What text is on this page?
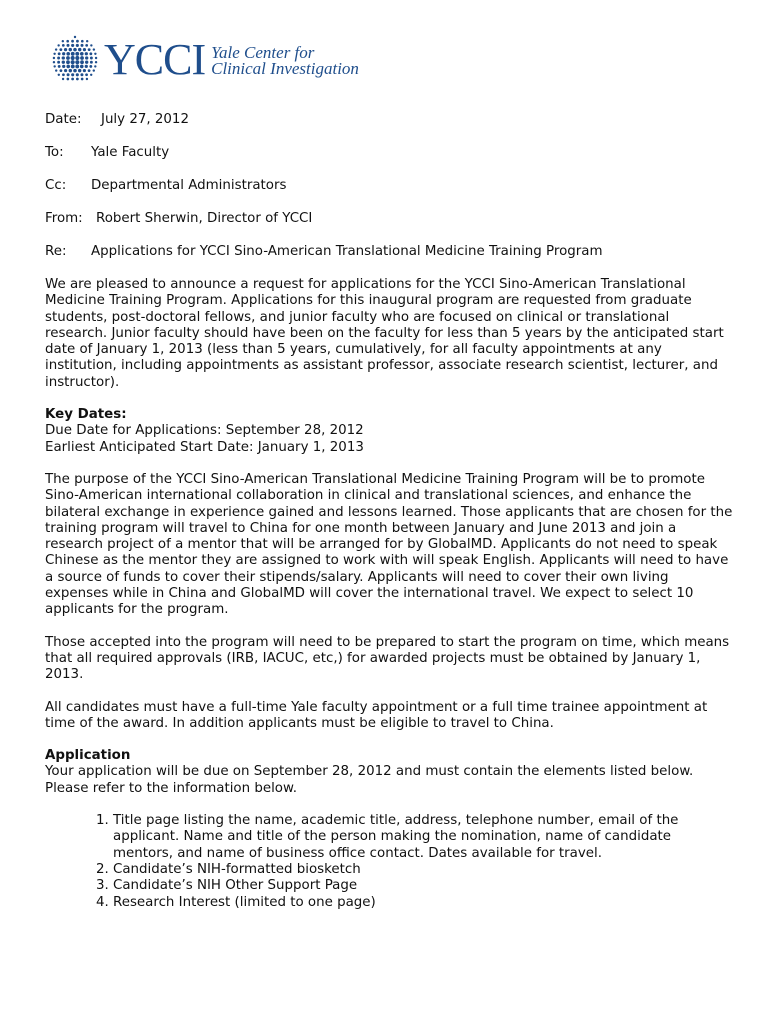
YCCI Yale Center for
Clinical Investigation
Date: July 27, 2012
To: Yale Faculty
Cc: Departmental Administrators
From: Robert Sherwin, Director of YCCI
Re: Applications for YCCI Sino-American Translational Medicine Training Program

We are pleased to announce a request for applications for the YCCI Sino-American Translational Medicine Training Program. Applications for this inaugural program are requested from graduate students, post-doctoral fellows, and junior faculty who are focused on clinical or translational research. Junior faculty should have been on the faculty for less than 5 years by the anticipated start date of January 1, 2013 (less than 5 years, cumulatively, for all faculty appointments at any institution, including appointments as assistant professor, associate research scientist, lecturer, and instructor).

Key Dates:
Due Date for Applications: September 28, 2012
Earliest Anticipated Start Date: January 1, 2013

The purpose of the YCCI Sino-American Translational Medicine Training Program will be to promote Sino-American international collaboration in clinical and translational sciences, and enhance the bilateral exchange in experience gained and lessons learned. Those applicants that are chosen for the training program will travel to China for one month between January and June 2013 and join a research project of a mentor that will be arranged for by GlobalMD. Applicants do not need to speak Chinese as the mentor they are assigned to work with will speak English. Applicants will need to have a source of funds to cover their stipends/salary. Applicants will need to cover their own living expenses while in China and GlobalMD will cover the international travel. We expect to select 10 applicants for the program.

Those accepted into the program will need to be prepared to start the program on time, which means that all required approvals (IRB, IACUC, etc,) for awarded projects must be obtained by January 1, 2013.

All candidates must have a full-time Yale faculty appointment or a full time trainee appointment at time of the award. In addition applicants must be eligible to travel to China.

Application
Your application will be due on September 28, 2012 and must contain the elements listed below. Please refer to the information below.
1. Title page listing the name, academic title, address, telephone number, email of the applicant. Name and title of the person making the nomination, name of candidate mentors, and name of business office contact. Dates available for travel.
2. Candidate’s NIH-formatted biosketch
3. Candidate’s NIH Other Support Page
4. Research Interest (limited to one page)
